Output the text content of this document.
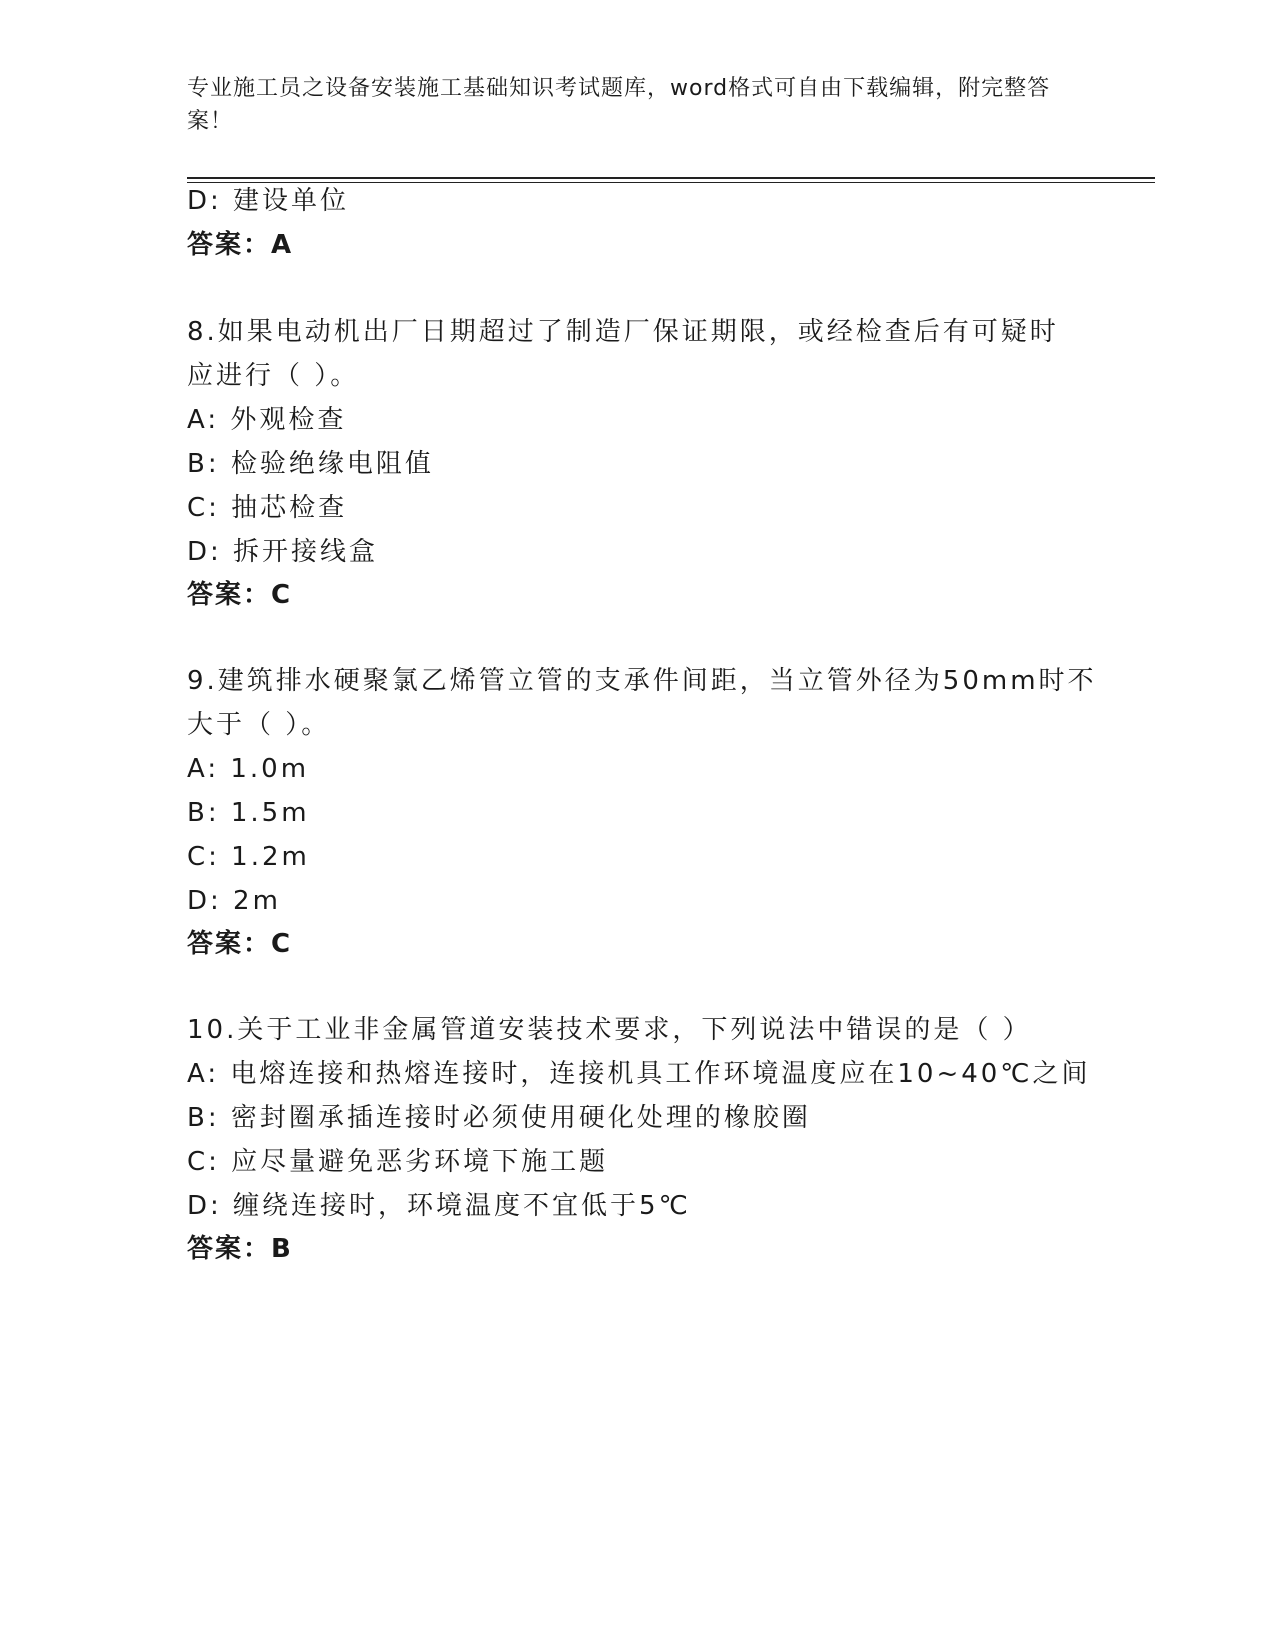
专业施工员之设备安装施工基础知识考试题库，word格式可自由下载编辑，附完整答案！
D: 建设单位
答案：A
8.如果电动机出厂日期超过了制造厂保证期限，或经检查后有可疑时
应进行（ ）。
A: 外观检查
B: 检验绝缘电阻值
C: 抽芯检查
D: 拆开接线盒
答案：C
9.建筑排水硬聚氯乙烯管立管的支承件间距，当立管外径为50mm时不
大于（ ）。
A: 1.0m
B: 1.5m
C: 1.2m
D: 2m
答案：C
10.关于工业非金属管道安装技术要求，下列说法中错误的是（ ）
A: 电熔连接和热熔连接时，连接机具工作环境温度应在10~40℃之间
B: 密封圈承插连接时必须使用硬化处理的橡胶圈
C: 应尽量避免恶劣环境下施工题
D: 缠绕连接时，环境温度不宜低于5℃
答案：B
